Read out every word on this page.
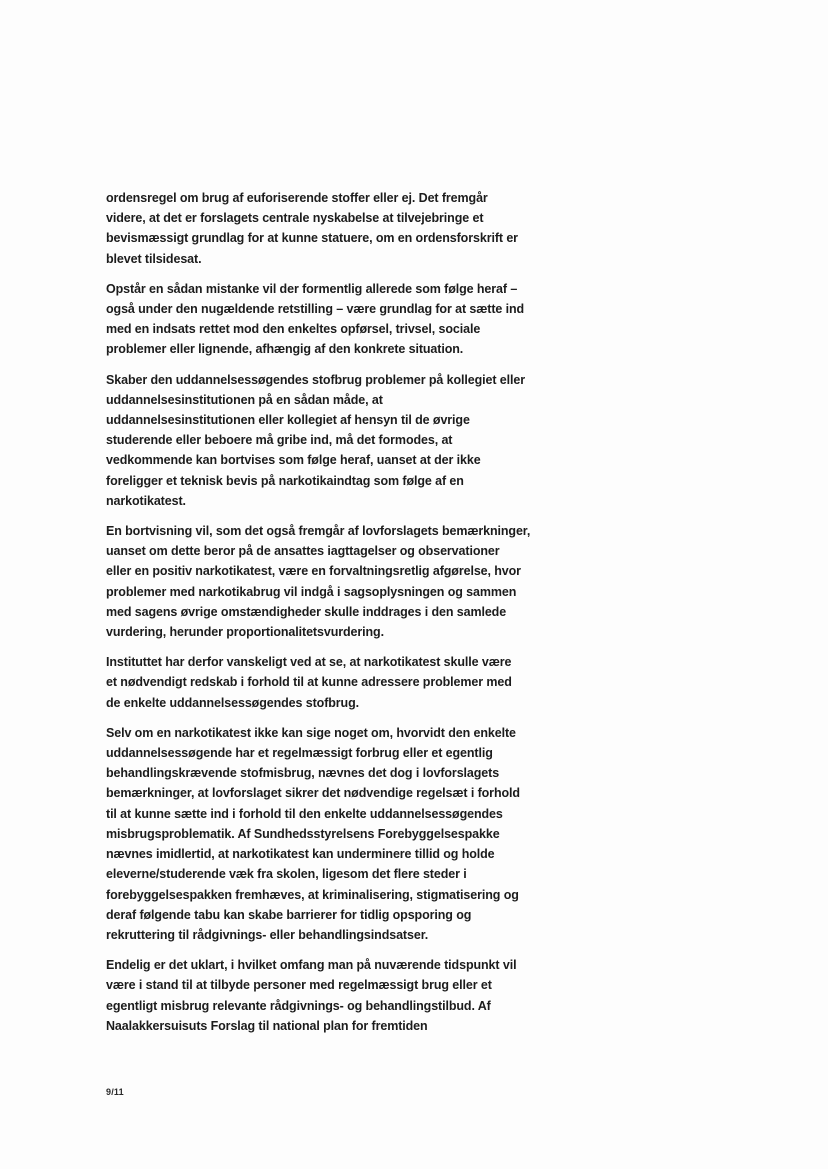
ordensregel om brug af euforiserende stoffer eller ej. Det fremgår
videre, at det er forslagets centrale nyskabelse at tilvejebringe et
bevismæssigt grundlag for at kunne statuere, om en ordensforskrift er
blevet tilsidesat.

Opstår en sådan mistanke vil der formentlig allerede som følge heraf –
også under den nugældende retstilling – være grundlag for at sætte ind
med en indsats rettet mod den enkeltes opførsel, trivsel, sociale
problemer eller lignende, afhængig af den konkrete situation.

Skaber den uddannelsessøgendes stofbrug problemer på kollegiet eller
uddannelsesinstitutionen på en sådan måde, at
uddannelsesinstitutionen eller kollegiet af hensyn til de øvrige
studerende eller beboere må gribe ind, må det formodes, at
vedkommende kan bortvises som følge heraf, uanset at der ikke
foreligger et teknisk bevis på narkotikaindtag som følge af en
narkotikatest.

En bortvisning vil, som det også fremgår af lovforslagets bemærkninger,
uanset om dette beror på de ansattes iagttagelser og observationer
eller en positiv narkotikatest, være en forvaltningsretlig afgørelse, hvor
problemer med narkotikabrug vil indgå i sagsoplysningen og sammen
med sagens øvrige omstændigheder skulle inddrages i den samlede
vurdering, herunder proportionalitetsvurdering.

Instituttet har derfor vanskeligt ved at se, at narkotikatest skulle være
et nødvendigt redskab i forhold til at kunne adressere problemer med
de enkelte uddannelsessøgendes stofbrug.

Selv om en narkotikatest ikke kan sige noget om, hvorvidt den enkelte
uddannelsessøgende har et regelmæssigt forbrug eller et egentlig
behandlingskrævende stofmisbrug, nævnes det dog i lovforslagets
bemærkninger, at lovforslaget sikrer det nødvendige regelsæt i forhold
til at kunne sætte ind i forhold til den enkelte uddannelsessøgendes
misbrugsproblematik. Af Sundhedsstyrelsens Forebyggelsespakke
nævnes imidlertid, at narkotikatest kan underminere tillid og holde
eleverne/studerende væk fra skolen, ligesom det flere steder i
forebyggelsespakken fremhæves, at kriminalisering, stigmatisering og
deraf følgende tabu kan skabe barrierer for tidlig opsporing og
rekruttering til rådgivnings- eller behandlingsindsatser.

Endelig er det uklart, i hvilket omfang man på nuværende tidspunkt vil
være i stand til at tilbyde personer med regelmæssigt brug eller et
egentligt misbrug relevante rådgivnings- og behandlingstilbud. Af
Naalakkersuisuts Forslag til national plan for fremtiden

9/11
